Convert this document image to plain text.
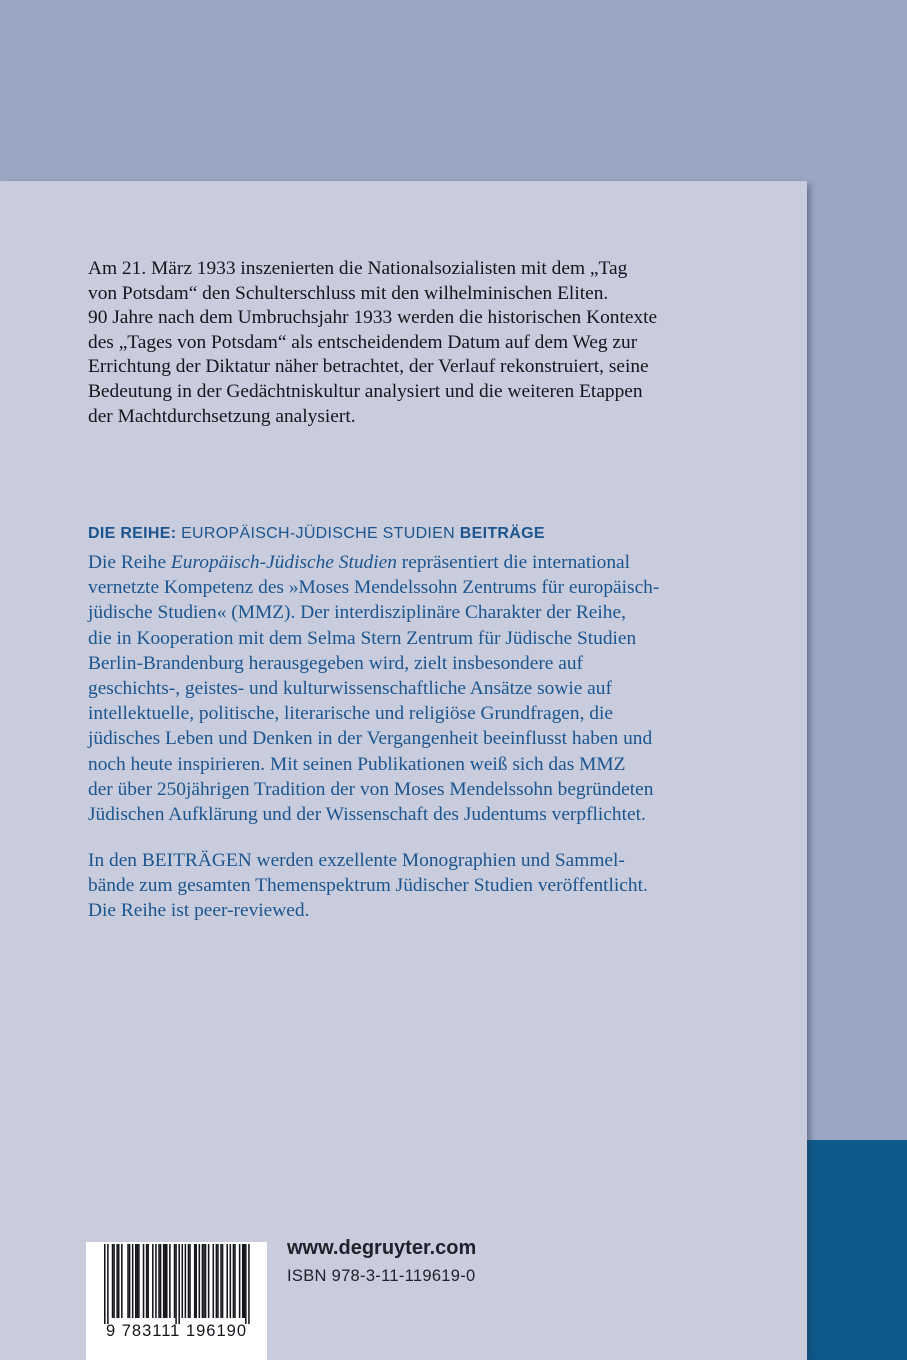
Am 21. März 1933 inszenierten die Nationalsozialisten mit dem „Tag
von Potsdam“ den Schulterschluss mit den wilhelminischen Eliten.
90 Jahre nach dem Umbruchsjahr 1933 werden die historischen Kontexte
des „Tages von Potsdam“ als entscheidendem Datum auf dem Weg zur
Errichtung der Diktatur näher betrachtet, der Verlauf rekonstruiert, seine
Bedeutung in der Gedächtniskultur analysiert und die weiteren Etappen
der Machtdurchsetzung analysiert.

DIE REIHE: EUROPÄISCH-JÜDISCHE STUDIEN BEITRÄGE

Die Reihe Europäisch-Jüdische Studien repräsentiert die international
vernetzte Kompetenz des »Moses Mendelssohn Zentrums für europäisch-
jüdische Studien« (MMZ). Der interdisziplinäre Charakter der Reihe,
die in Kooperation mit dem Selma Stern Zentrum für Jüdische Studien
Berlin-Brandenburg herausgegeben wird, zielt insbesondere auf
geschichts-, geistes- und kulturwissenschaftliche Ansätze sowie auf
intellektuelle, politische, literarische und religiöse Grundfragen, die
jüdisches Leben und Denken in der Vergangenheit beeinflusst haben und
noch heute inspirieren. Mit seinen Publikationen weiß sich das MMZ
der über 250jährigen Tradition der von Moses Mendelssohn begründeten
Jüdischen Aufklärung und der Wissenschaft des Judentums verpflichtet.

In den BEITRÄGEN werden exzellente Monographien und Sammel-
bände zum gesamten Themenspektrum Jüdischer Studien veröffentlicht.
Die Reihe ist peer-reviewed.

9 783111 196190

www.degruyter.com

ISBN 978-3-11-119619-0
